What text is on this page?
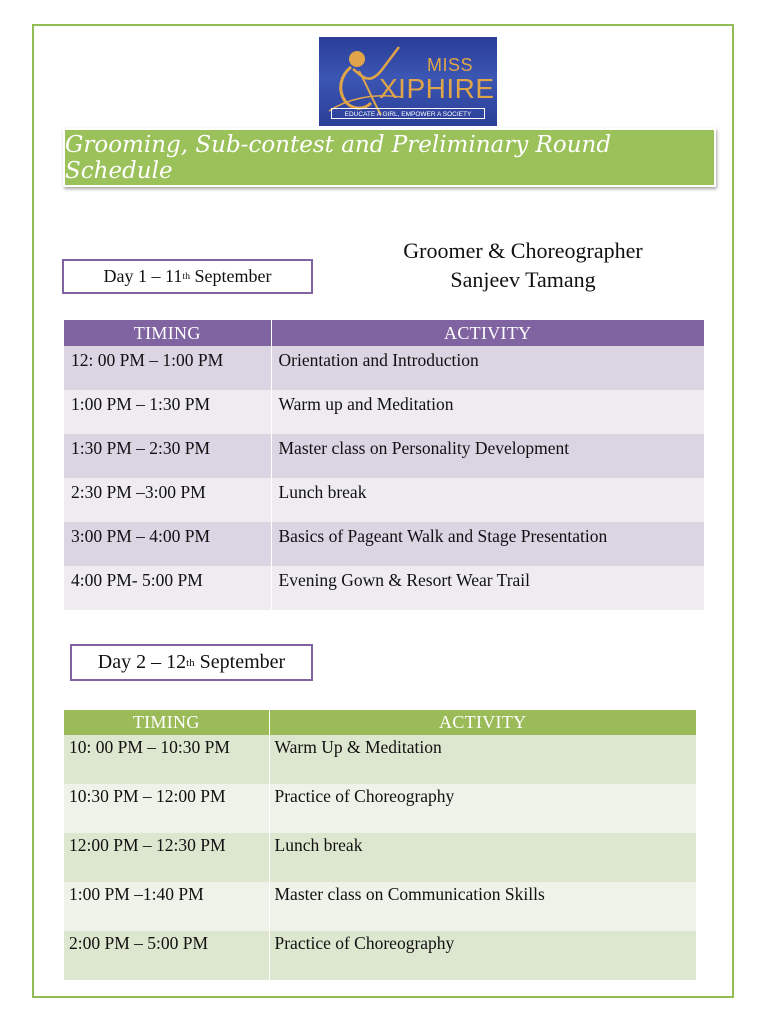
MISS
XIPHIRE
EDUCATE A GIRL, EMPOWER A SOCIETY
Grooming, Sub-contest and Preliminary Round Schedule
Groomer & Choreographer
Sanjeev Tamang
Day 1 – 11 th September
TIMING	ACTIVITY
12: 00 PM – 1:00 PM	Orientation and Introduction
1:00 PM – 1:30 PM	Warm up and Meditation
1:30 PM – 2:30 PM	Master class on Personality Development
2:30 PM –3:00 PM	Lunch break
3:00 PM – 4:00 PM	Basics of Pageant Walk and Stage Presentation
4:00 PM- 5:00 PM	Evening Gown & Resort Wear Trail
Day 2 – 12 th September
TIMING	ACTIVITY
10: 00 PM – 10:30 PM	Warm Up & Meditation
10:30 PM – 12:00 PM	Practice of Choreography
12:00 PM – 12:30 PM	Lunch break
1:00 PM –1:40 PM	Master class on Communication Skills
2:00 PM – 5:00 PM	Practice of Choreography
